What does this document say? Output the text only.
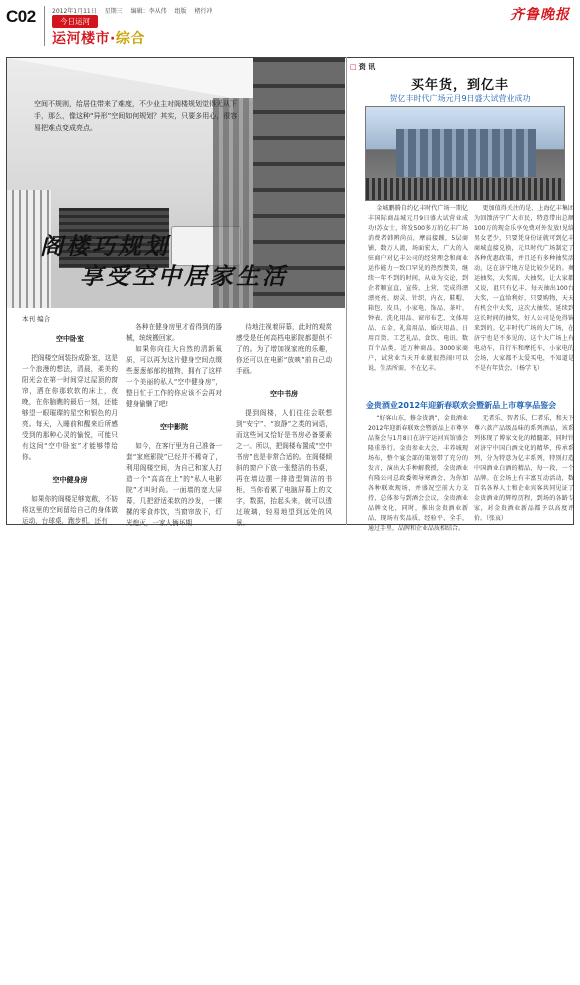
C02	2012年1月11日 星期三 编辑：李从伟 组版 楮行冲
今日运河
运河楼市·综合
齐鲁晚报
空间不规则，给居住带来了难度，不少业主对阁楼规划觉得无从下手，那么，像这种“异形”空间如何规划？其实，只要多用心，很容易把难点变成亮点。
阁楼巧规划
享受空中居家生活
本刊 编合
空中卧室

把阁楼空间装扮成卧室，这是一个浪漫的想法，清晨，柔美的阳光会在第一时间穿过屋顶的窗帘，洒在你那软软的床上，夜晚，在你脑瞧的最后一刻，还能够望一眼璀璨的星空和银色的月亮。每天，入睡前和醒来后所感受到的那种心灵的愉悦，可能只有这间“空中卧室”才能够带给你。

空中健身房

如果你的阁楼足够宽敞，不妨将这里的空间留给自己的身体做运动，台球桌，跑步机，还有

各种在健身房里才看得到的器械，统统搬回家。

如果你向往大自然的清新氧质，可以再为这片健身空间点缀些葱葱郁郁的植物，拥有了这样一个美丽的私人“空中健身房”，整日忙于工作的你应该不会再对健身偷懒了吧!

空中影院

如今，在客厅里为自己准备一套“家庭影院”已经并不稀奇了，利用阁楼空间，为自己和家人打造一个“高高在上”的“私人电影院”才叫时尚。一面墙的宽大屏幕，几把舒适柔软的沙发，一摞摞的零食炸饮，当窗帘放下，灯光熄灭，一家人俩坏期

待地注视着屏幕，此时的观赏感受是任何高档电影院都提供不了的。为了增加视家庭的乐趣，你还可以在电影“放映”前自己动手画。

空中书房

提到阁楼，人们往往会联想到“安宁”、“寂静”之类的词语，而这些词又恰好是书房必备要素之一。所以，把阁楼布置成“空中书房”也是非常合适的。在阁楼倾斜的窗户下放一张整洁的书桌，再在墙边摆一排造型简洁的书柜，当你看累了电脑屏幕上的文字，数据，抬起头来，就可以透过玻璃，轻易地望到远处的风景。

□ 资 讯
买年货，到亿丰
贺亿丰时代广场元月9日盛大试营业成功

金城鹏腾自约亿丰时代广场一期亿丰国际商品城元月9日盛大试营业成功!苏女士，将发500多万的亿丰广场消费者韩辨尚员，摩肩接踵，5层商铺，数万人流，场面宏大，广大的入驻商户对亿丰公司的经营理念和商业运作能力一致口罕见的热烈赞美，继续一年不到的时间，从业为交论，到企者顺宣直，宣传，上营，完成得漂漂亮亮。厨灵、针织、内衣、鞋帽、箱包、皮具，小家电、饰品、茶叶，钟表、洗化用品、窗帘布艺、文体用品、五金、礼盒用品、婚庆用品、日用百货、工艺礼品、食饮、电讯、数百个品类，近万种商品，3000家商户，试营业当天开业就很热闹!可以说，生活所需，不在亿丰。

更加值得关注的是，上海亿丰集团为回馈济宁广大市民，特意带出总额100万的现金乐享免费对外发放!见给男女老少，只要凭身份证就可到亿丰商城直接兑换，元旦时代广场制定了各种优惠政策，并且还有多种抽奖活动，这在济宁地方是比较少见的。奥运抽奖，大奖需，大抽奖，让大家都又说，诅只有亿丰、每天抽出100台大奖，一直给利好，只要购物，天天有机会中大奖，这次大抽奖，延续到这长时间的抽奖，好人公司是免得锦来到的。亿丰时代广场的大广场，在济宁也是不多见的，这个大广场上有电动车，自行车和摩托车，小家电的会场，大家都不太爱买电，不知道是不是有年货会。（杨学飞）

金贵酒业2012年迎新春联欢会暨新品上市尊享品鉴会

“好客山东，修金贵酒”，金贵酒业2012年迎新春联欢会暨新品上市尊享品鉴会与1月8日在济宁运河宾馆盛会隆重举行。金贵参业大会，丰养城现场布，整个宴会部的策划带了充分的发言，演出大手种解教授，金贵酒业有隆公司总政委领导寒酒会，为你加各种联欢现场，并盛况空前大力支持，总体参与到酒会会议，金贵酒业品牌文化，同时，推出金贵酒业新品，现场有奖品质，经验平，全手，通过手里，品牌和企业品质相结合。

无者乐、智者乐，仁者乐，和天下尊六款产品级品味的系列酒品，该系列体现了博家文化的精髓部，同时针对济宁中国白酒文化的精华，传承系列，分为特意为亿丰系列，特别打造中国酒业白酒的精品，每一段，一个品牌。在会场上有丰富互动活动，数百名各界人士和企业宾客共同见证了金贵酒业的辉煌历程，到场的各路专家，对金贵酒业新品都予以高度评价。（张哀）
